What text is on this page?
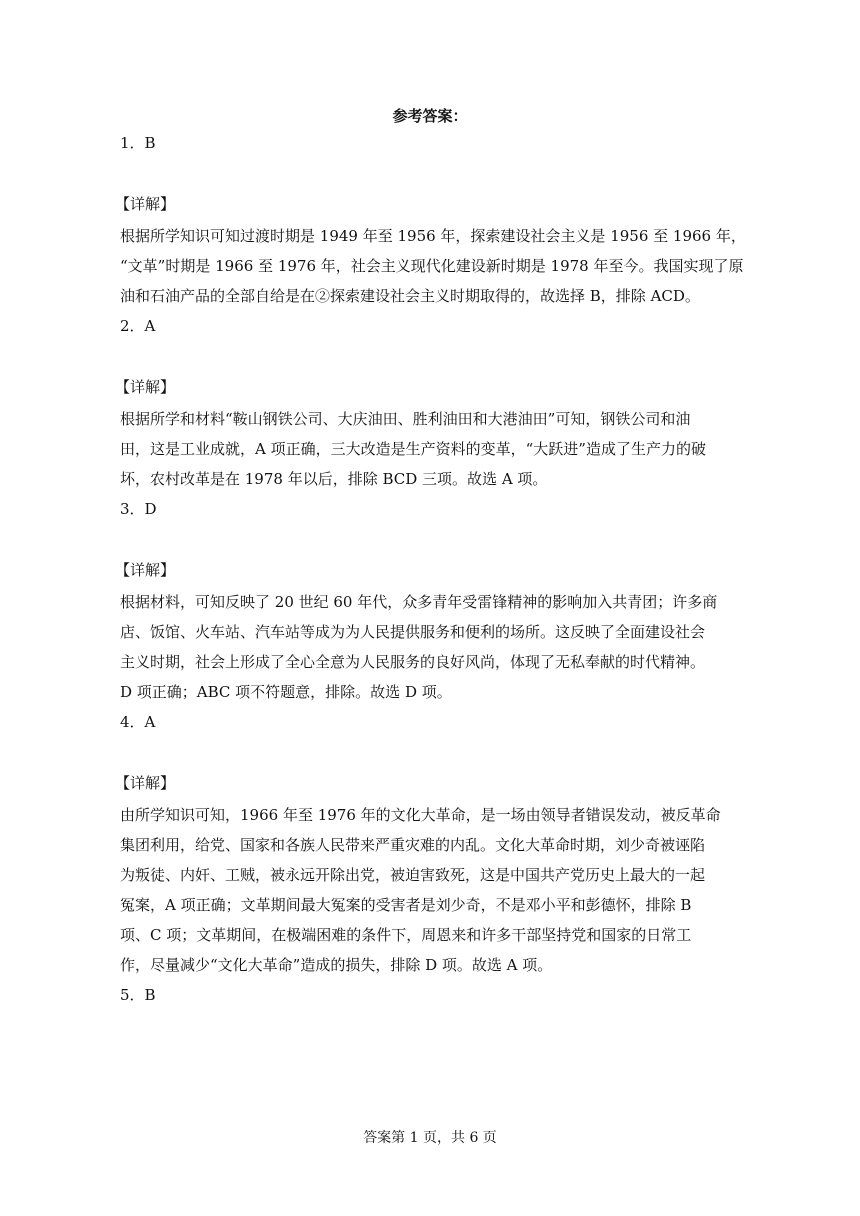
参考答案：
1．B
【详解】
根据所学知识可知过渡时期是 1949 年至 1956 年，探索建设社会主义是 1956 至 1966 年，
“文革”时期是 1966 至 1976 年，社会主义现代化建设新时期是 1978 年至今。我国实现了原
油和石油产品的全部自给是在②探索建设社会主义时期取得的，故选择 B，排除 ACD。
2．A
【详解】
根据所学和材料“鞍山钢铁公司、大庆油田、胜利油田和大港油田”可知，钢铁公司和油
田，这是工业成就，A 项正确，三大改造是生产资料的变革，“大跃进”造成了生产力的破
坏，农村改革是在 1978 年以后，排除 BCD 三项。故选 A 项。
3．D
【详解】
根据材料，可知反映了 20 世纪 60 年代，众多青年受雷锋精神的影响加入共青团；许多商
店、饭馆、火车站、汽车站等成为为人民提供服务和便利的场所。这反映了全面建设社会
主义时期，社会上形成了全心全意为人民服务的良好风尚，体现了无私奉献的时代精神。
D 项正确；ABC 项不符题意，排除。故选 D 项。
4．A
【详解】
由所学知识可知，1966 年至 1976 年的文化大革命，是一场由领导者错误发动，被反革命
集团利用，给党、国家和各族人民带来严重灾难的内乱。文化大革命时期，刘少奇被诬陷
为叛徒、内奸、工贼，被永远开除出党，被迫害致死，这是中国共产党历史上最大的一起
冤案，A 项正确；文革期间最大冤案的受害者是刘少奇，不是邓小平和彭德怀，排除 B
项、C 项；文革期间，在极端困难的条件下，周恩来和许多干部坚持党和国家的日常工
作，尽量减少“文化大革命”造成的损失，排除 D 项。故选 A 项。
5．B
答案第 1 页，共 6 页
